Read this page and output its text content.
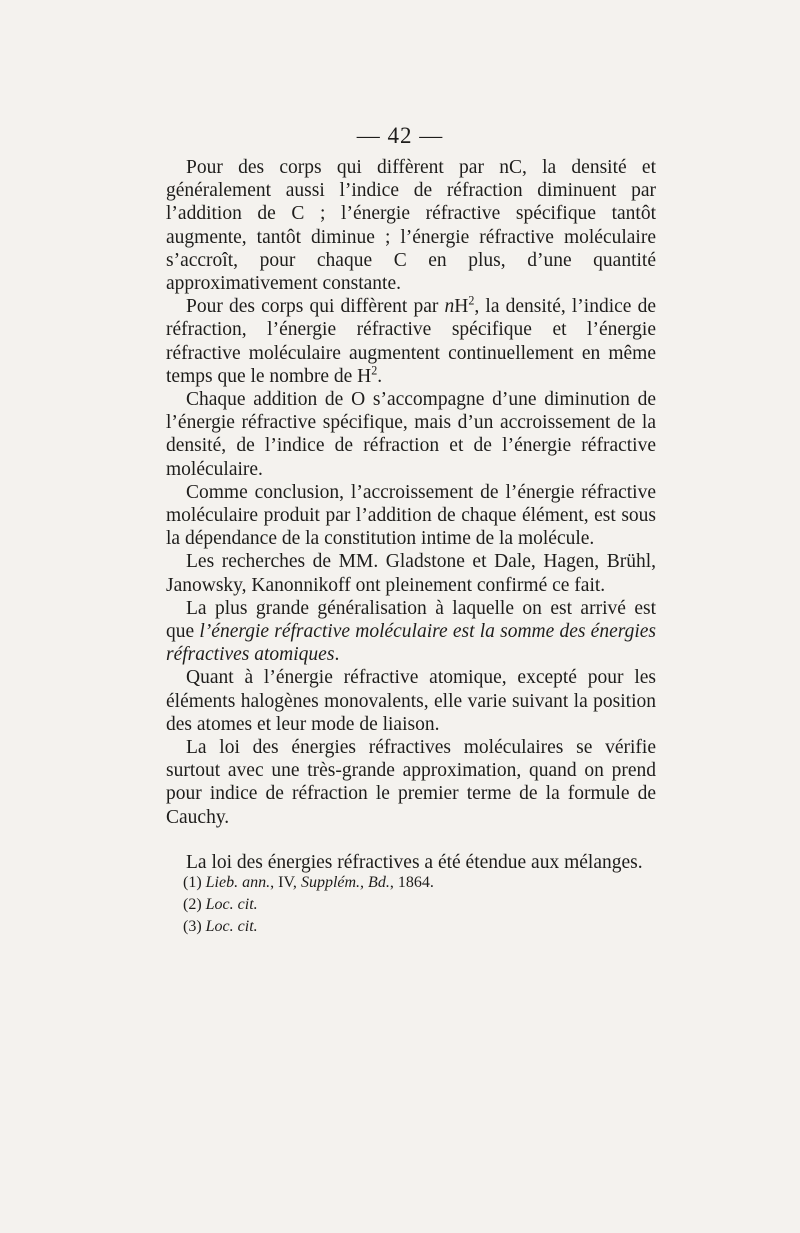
— 42 —

Pour des corps qui diffèrent par nC, la densité et généralement aussi l’indice de réfraction diminuent par l’addition de C ; l’énergie réfractive spécifique tantôt augmente, tantôt diminue ; l’énergie réfractive moléculaire s’accroît, pour chaque C en plus, d’une quantité approximativement constante.

Pour des corps qui diffèrent par $nH^2$, la densité, l’indice de réfraction, l’énergie réfractive spécifique et l’énergie réfractive moléculaire augmentent continuellement en même temps que le nombre de $H^2$.

Chaque addition de O s’accompagne d’une diminution de l’énergie réfractive spécifique, mais d’un accroissement de la densité, de l’indice de réfraction et de l’énergie réfractive moléculaire.

Comme conclusion, l’accroissement de l’énergie réfractive moléculaire produit par l’addition de chaque élément, est sous la dépendance de la constitution intime de la molécule.

Les recherches de MM. Gladstone et Dale, Hagen, Brühl, Janowsky, Kanonnikoff ont pleinement confirmé ce fait.

La plus grande généralisation à laquelle on est arrivé est que l’énergie réfractive moléculaire est la somme des énergies réfractives atomiques.

Quant à l’énergie réfractive atomique, excepté pour les éléments halogènes monovalents, elle varie suivant la position des atomes et leur mode de liaison.

La loi des énergies réfractives moléculaires se vérifie surtout avec une très-grande approximation, quand on prend pour indice de réfraction le premier terme de la formule de Cauchy.

La loi des énergies réfractives a été étendue aux mélanges.

(1) Lieb. ann., IV, Supplém., Bd., 1864.

(2) Loc. cit.

(3) Loc. cit.
